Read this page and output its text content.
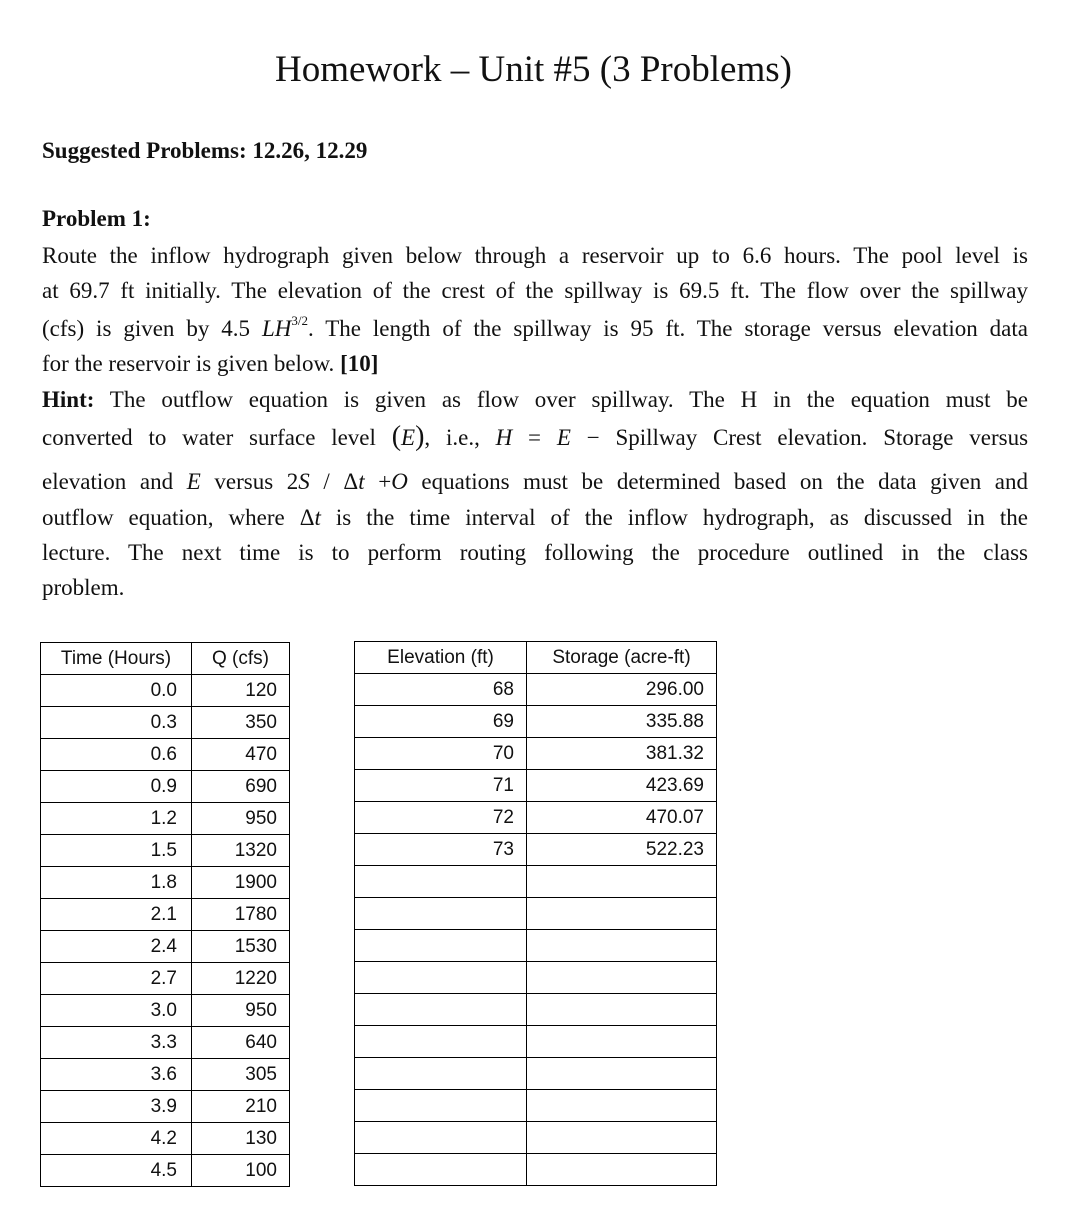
Homework – Unit #5 (3 Problems)
Suggested Problems: 12.26, 12.29
Problem 1:
Route the inflow hydrograph given below through a reservoir up to 6.6 hours. The pool level is
at 69.7 ft initially. The elevation of the crest of the spillway is 69.5 ft. The flow over the spillway
(cfs) is given by 4.5 $LH^{3/2}$. The length of the spillway is 95 ft. The storage versus elevation data
for the reservoir is given below. [10]
Hint: The outflow equation is given as flow over spillway. The H in the equation must be
converted to water surface level (E), i.e., H = E − Spillway Crest elevation. Storage versus
elevation and E versus 2S / Δt +O equations must be determined based on the data given and
outflow equation, where Δt is the time interval of the inflow hydrograph, as discussed in the
lecture. The next time is to perform routing following the procedure outlined in the class
problem.
Time (Hours)	Q (cfs)
0.0	120
0.3	350
0.6	470
0.9	690
1.2	950
1.5	1320
1.8	1900
2.1	1780
2.4	1530
2.7	1220
3.0	950
3.3	640
3.6	305
3.9	210
4.2	130
4.5	100
Elevation (ft)	Storage (acre-ft)
68	296.00
69	335.88
70	381.32
71	423.69
72	470.07
73	522.23
